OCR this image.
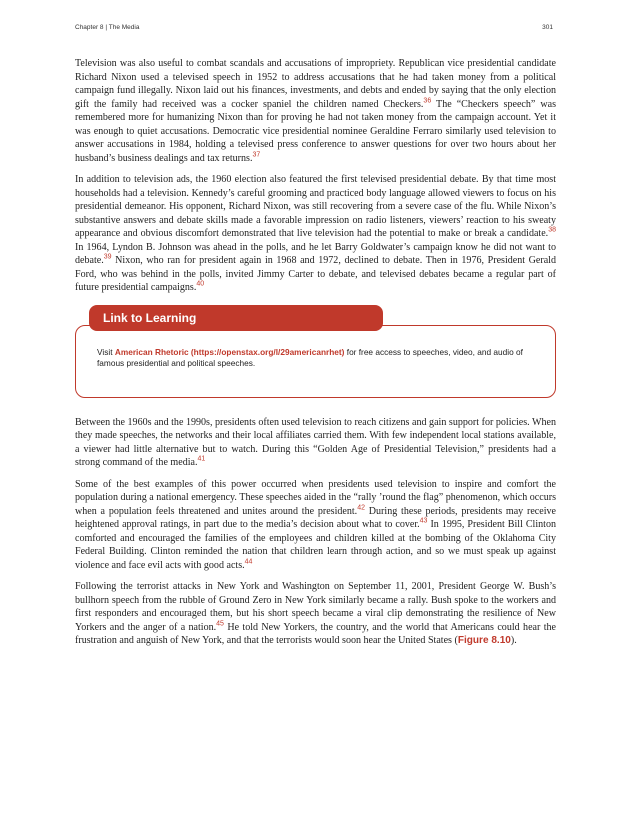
Chapter 8 | The Media	301

Television was also useful to combat scandals and accusations of impropriety. Republican vice presidential candidate Richard Nixon used a televised speech in 1952 to address accusations that he had taken money from a political campaign fund illegally. Nixon laid out his finances, investments, and debts and ended by saying that the only election gift the family had received was a cocker spaniel the children named Checkers.$^{36}$ The “Checkers speech” was remembered more for humanizing Nixon than for proving he had not taken money from the campaign account. Yet it was enough to quiet accusations. Democratic vice presidential nominee Geraldine Ferraro similarly used television to answer accusations in 1984, holding a televised press conference to answer questions for over two hours about her husband’s business dealings and tax returns.$^{37}$

In addition to television ads, the 1960 election also featured the first televised presidential debate. By that time most households had a television. Kennedy’s careful grooming and practiced body language allowed viewers to focus on his presidential demeanor. His opponent, Richard Nixon, was still recovering from a severe case of the flu. While Nixon’s substantive answers and debate skills made a favorable impression on radio listeners, viewers’ reaction to his sweaty appearance and obvious discomfort demonstrated that live television had the potential to make or break a candidate.$^{38}$ In 1964, Lyndon B. Johnson was ahead in the polls, and he let Barry Goldwater’s campaign know he did not want to debate.$^{39}$ Nixon, who ran for president again in 1968 and 1972, declined to debate. Then in 1976, President Gerald Ford, who was behind in the polls, invited Jimmy Carter to debate, and televised debates became a regular part of future presidential campaigns.$^{40}$

Link to Learning
Visit American Rhetoric (https://openstax.org/l/29americanrhet) for free access to speeches, video, and audio of famous presidential and political speeches.

Between the 1960s and the 1990s, presidents often used television to reach citizens and gain support for policies. When they made speeches, the networks and their local affiliates carried them. With few independent local stations available, a viewer had little alternative but to watch. During this “Golden Age of Presidential Television,” presidents had a strong command of the media.$^{41}$

Some of the best examples of this power occurred when presidents used television to inspire and comfort the population during a national emergency. These speeches aided in the “rally ’round the flag” phenomenon, which occurs when a population feels threatened and unites around the president.$^{42}$ During these periods, presidents may receive heightened approval ratings, in part due to the media’s decision about what to cover.$^{43}$ In 1995, President Bill Clinton comforted and encouraged the families of the employees and children killed at the bombing of the Oklahoma City Federal Building. Clinton reminded the nation that children learn through action, and so we must speak up against violence and face evil acts with good acts.$^{44}$

Following the terrorist attacks in New York and Washington on September 11, 2001, President George W. Bush’s bullhorn speech from the rubble of Ground Zero in New York similarly became a rally. Bush spoke to the workers and first responders and encouraged them, but his short speech became a viral clip demonstrating the resilience of New Yorkers and the anger of a nation.$^{45}$ He told New Yorkers, the country, and the world that Americans could hear the frustration and anguish of New York, and that the terrorists would soon hear the United States (Figure 8.10).
